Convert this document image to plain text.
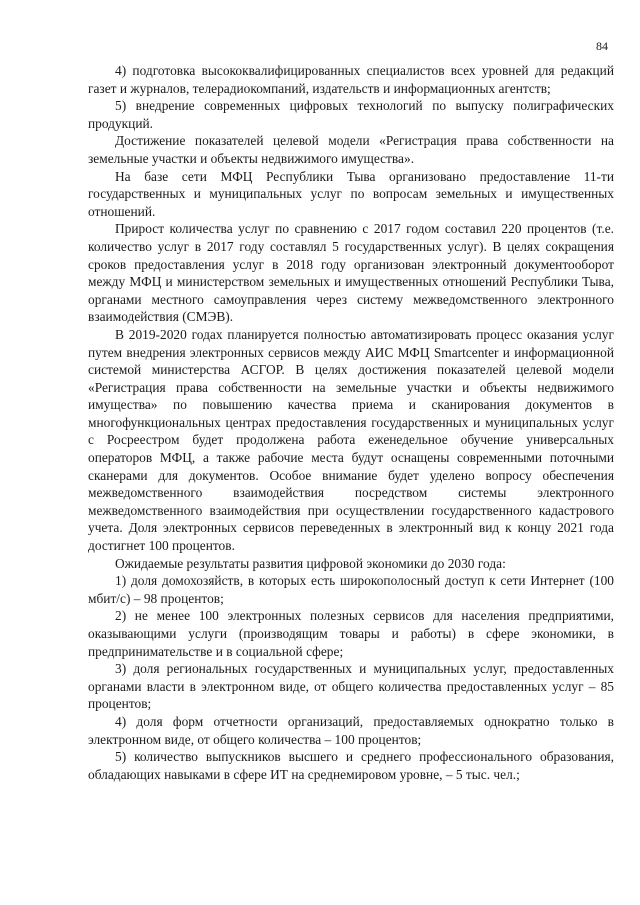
84

4) подготовка высококвалифицированных специалистов всех уровней для редакций газет и журналов, телерадиокомпаний, издательств и информационных агентств;

5) внедрение современных цифровых технологий по выпуску полиграфических продукций.

Достижение показателей целевой модели «Регистрация права собственности на земельные участки и объекты недвижимого имущества».

На базе сети МФЦ Республики Тыва организовано предоставление 11-ти государственных и муниципальных услуг по вопросам земельных и имущественных отношений.

Прирост количества услуг по сравнению с 2017 годом составил 220 процентов (т.е. количество услуг в 2017 году составлял 5 государственных услуг). В целях сокращения сроков предоставления услуг в 2018 году организован электронный документооборот между МФЦ и министерством земельных и имущественных отношений Республики Тыва, органами местного самоуправления через систему межведомственного электронного взаимодействия (СМЭВ).

В 2019-2020 годах планируется полностью автоматизировать процесс оказания услуг путем внедрения электронных сервисов между АИС МФЦ Smartcenter и информационной системой министерства АСГОР. В целях достижения показателей целевой модели «Регистрация права собственности на земельные участки и объекты недвижимого имущества» по повышению качества приема и сканирования документов в многофункциональных центрах предоставления государственных и муниципальных услуг с Росреестром будет продолжена работа еженедельное обучение универсальных операторов МФЦ, а также рабочие места будут оснащены современными поточными сканерами для документов. Особое внимание будет уделено вопросу обеспечения межведомственного взаимодействия посредством системы электронного межведомственного взаимодействия при осуществлении государственного кадастрового учета. Доля электронных сервисов переведенных в электронный вид к концу 2021 года достигнет 100 процентов.

Ожидаемые результаты развития цифровой экономики до 2030 года:

1) доля домохозяйств, в которых есть широкополосный доступ к сети Интернет (100 мбит/с) – 98 процентов;

2) не менее 100 электронных полезных сервисов для населения предприятими, оказывающими услуги (производящим товары и работы) в сфере экономики, в предпринимательстве и в социальной сфере;

3) доля региональных государственных и муниципальных услуг, предоставленных органами власти в электронном виде, от общего количества предоставленных услуг – 85 процентов;

4) доля форм отчетности организаций, предоставляемых однократно только в электронном виде, от общего количества – 100 процентов;

5) количество выпускников высшего и среднего профессионального образования, обладающих навыками в сфере ИТ на среднемировом уровне, – 5 тыс. чел.;
